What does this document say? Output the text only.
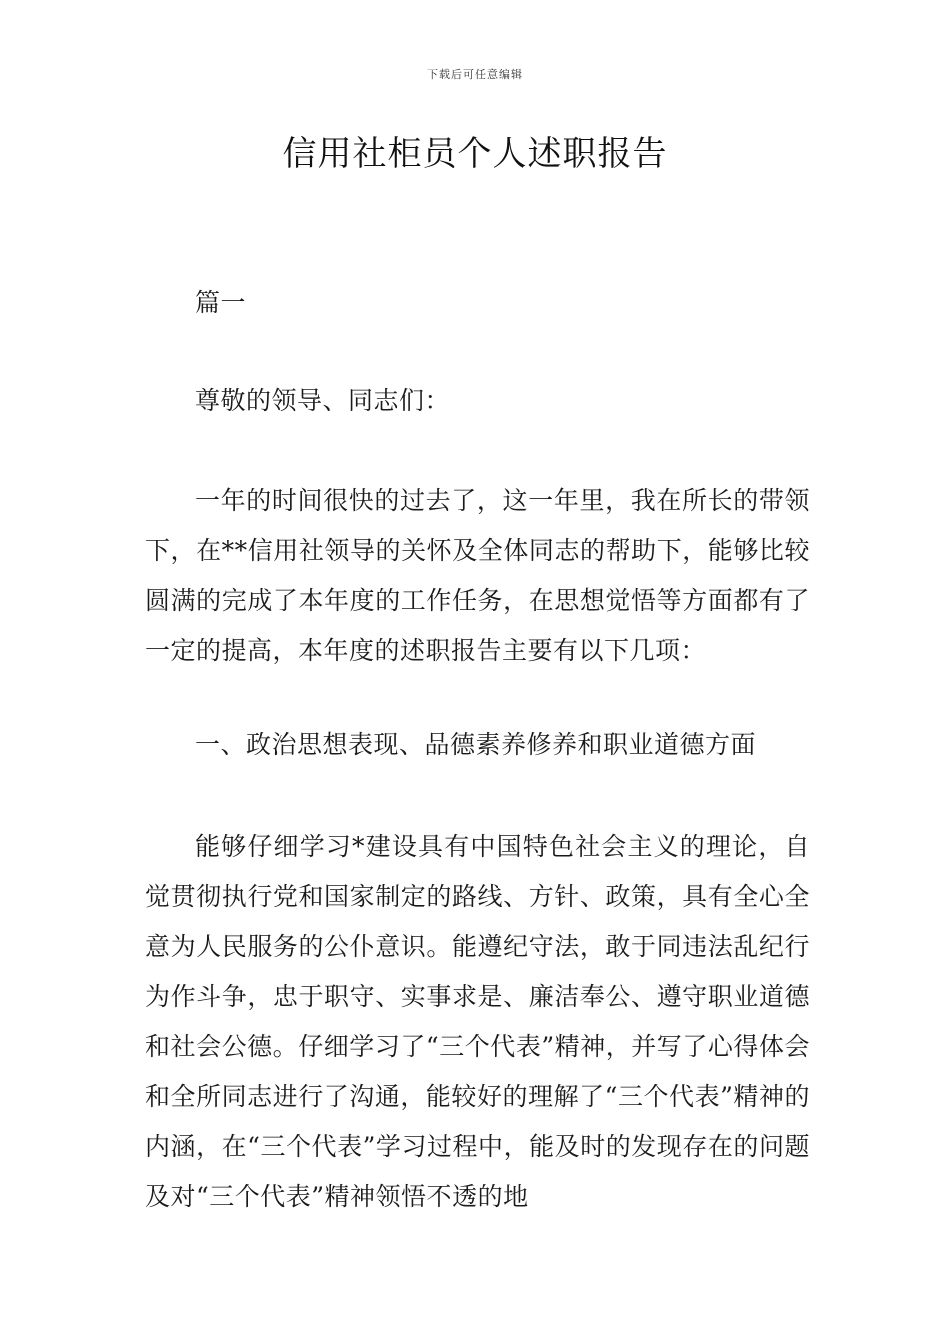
下载后可任意编辑
信用社柜员个人述职报告

篇一

尊敬的领导、同志们：

一年的时间很快的过去了，这一年里，我在所长的带领下，在**信用社领导的关怀及全体同志的帮助下，能够比较圆满的完成了本年度的工作任务，在思想觉悟等方面都有了一定的提高，本年度的述职报告主要有以下几项：

一、政治思想表现、品德素养修养和职业道德方面

能够仔细学习*建设具有中国特色社会主义的理论，自觉贯彻执行党和国家制定的路线、方针、政策，具有全心全意为人民服务的公仆意识。能遵纪守法，敢于同违法乱纪行为作斗争，忠于职守、实事求是、廉洁奉公、遵守职业道德和社会公德。仔细学习了“三个代表”精神，并写了心得体会和全所同志进行了沟通，能较好的理解了“三个代表”精神的内涵，在“三个代表”学习过程中，能及时的发现存在的问题及对“三个代表”精神领悟不透的地
